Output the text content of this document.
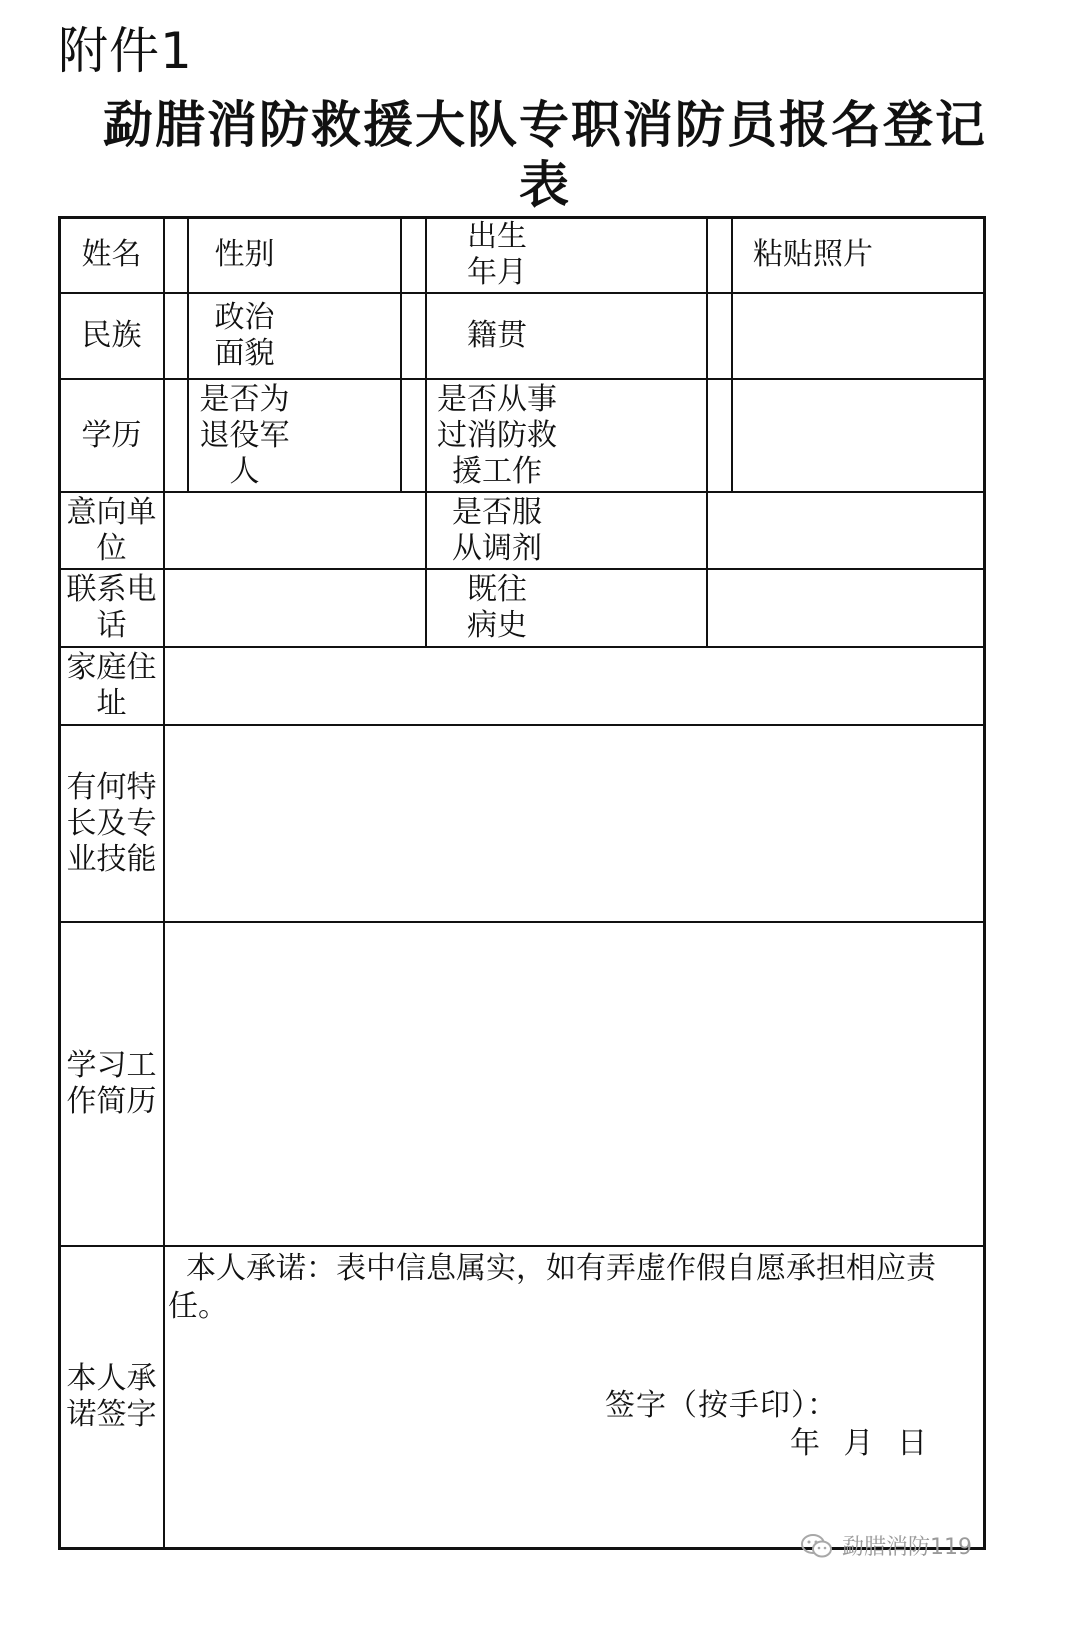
附件1
勐腊消防救援大队专职消防员报名登记
表
姓名 性别
出生
年月
粘贴照片
民族
政治
面貌
籍贯
学历
是否为
退役军
人
是否从事
过消防救
援工作
意向单
位
是否服
从调剂
联系电
话
既往
病史
家庭住
址
有何特
长及专
业技能
学习工
作简历
本人承
诺签字
本人承诺：表中信息属实，如有弄虚作假自愿承担相应责任。
签字（按手印）：
年 月 日
勐腊消防119
